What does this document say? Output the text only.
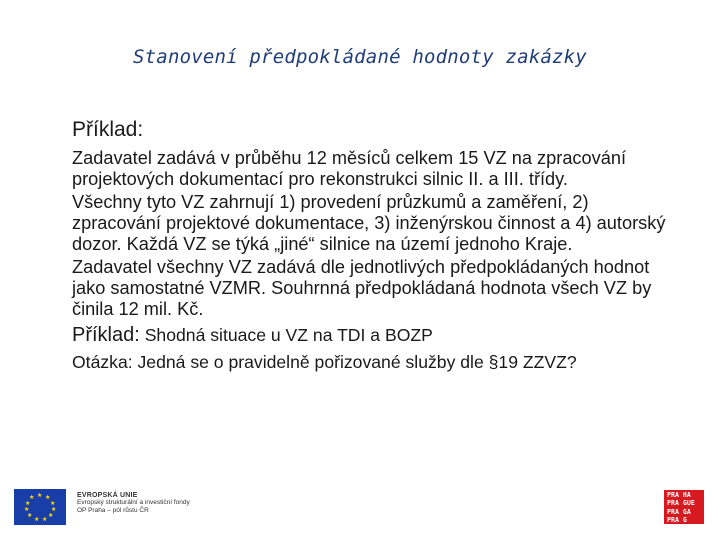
Stanovení předpokládané hodnoty zakázky
Příklad:
Zadavatel zadává v průběhu 12 měsíců celkem 15 VZ na zpracování projektových dokumentací pro rekonstrukci silnic II. a III. třídy.
Všechny tyto VZ zahrnují 1) provedení průzkumů a zaměření, 2) zpracování projektové dokumentace, 3) inženýrskou činnost a 4) autorský dozor. Každá VZ se týká „jiné“ silnice na území jednoho Kraje.
Zadavatel všechny VZ zadává dle jednotlivých předpokládaných hodnot jako samostatné VZMR. Souhrnná předpokládaná hodnota všech VZ by činila 12 mil. Kč.
Příklad: Shodná situace u VZ na TDI a BOZP
Otázka: Jedná se o pravidelně pořizované služby dle §19 ZZVZ?
★ ★
★
★
★
★
★
★
★
★
★	EVROPSKÁ UNIE
Evropský strukturální a investiční fondy
OP Praha – pól růstu ČR
PRA HA
PRA GUE
PRA GA
PRA G
